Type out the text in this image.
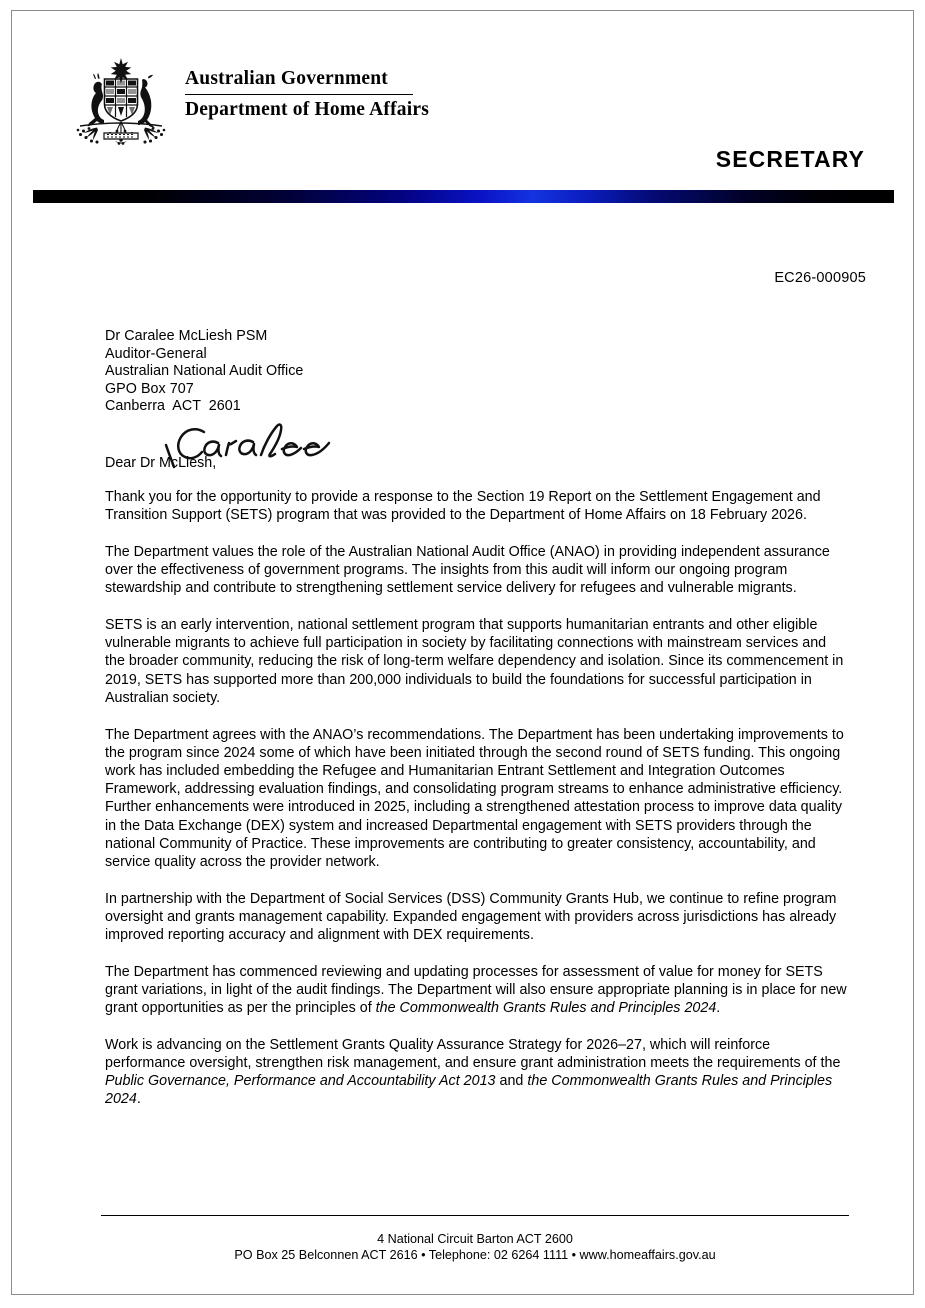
Australian Government
Department of Home Affairs
SECRETARY
EC26-000905
Dr Caralee McLiesh PSM
Auditor-General
Australian National Audit Office
GPO Box 707
Canberra  ACT  2601
Dear Dr McLiesh,

Thank you for the opportunity to provide a response to the Section 19 Report on the Settlement Engagement and Transition Support (SETS) program that was provided to the Department of Home Affairs on 18 February 2026.

The Department values the role of the Australian National Audit Office (ANAO) in providing independent assurance over the effectiveness of government programs. The insights from this audit will inform our ongoing program stewardship and contribute to strengthening settlement service delivery for refugees and vulnerable migrants.

SETS is an early intervention, national settlement program that supports humanitarian entrants and other eligible vulnerable migrants to achieve full participation in society by facilitating connections with mainstream services and the broader community, reducing the risk of long-term welfare dependency and isolation. Since its commencement in 2019, SETS has supported more than 200,000 individuals to build the foundations for successful participation in Australian society.

The Department agrees with the ANAO’s recommendations. The Department has been undertaking improvements to the program since 2024 some of which have been initiated through the second round of SETS funding. This ongoing work has included embedding the Refugee and Humanitarian Entrant Settlement and Integration Outcomes Framework, addressing evaluation findings, and consolidating program streams to enhance administrative efficiency. Further enhancements were introduced in 2025, including a strengthened attestation process to improve data quality in the Data Exchange (DEX) system and increased Departmental engagement with SETS providers through the national Community of Practice. These improvements are contributing to greater consistency, accountability, and service quality across the provider network.

In partnership with the Department of Social Services (DSS) Community Grants Hub, we continue to refine program oversight and grants management capability. Expanded engagement with providers across jurisdictions has already improved reporting accuracy and alignment with DEX requirements.

The Department has commenced reviewing and updating processes for assessment of value for money for SETS grant variations, in light of the audit findings. The Department will also ensure appropriate planning is in place for new grant opportunities as per the principles of the Commonwealth Grants Rules and Principles 2024.

Work is advancing on the Settlement Grants Quality Assurance Strategy for 2026–27, which will reinforce performance oversight, strengthen risk management, and ensure grant administration meets the requirements of the Public Governance, Performance and Accountability Act 2013 and the Commonwealth Grants Rules and Principles 2024.

4 National Circuit Barton ACT 2600
PO Box 25 Belconnen ACT 2616 • Telephone: 02 6264 1111 • www.homeaffairs.gov.au
